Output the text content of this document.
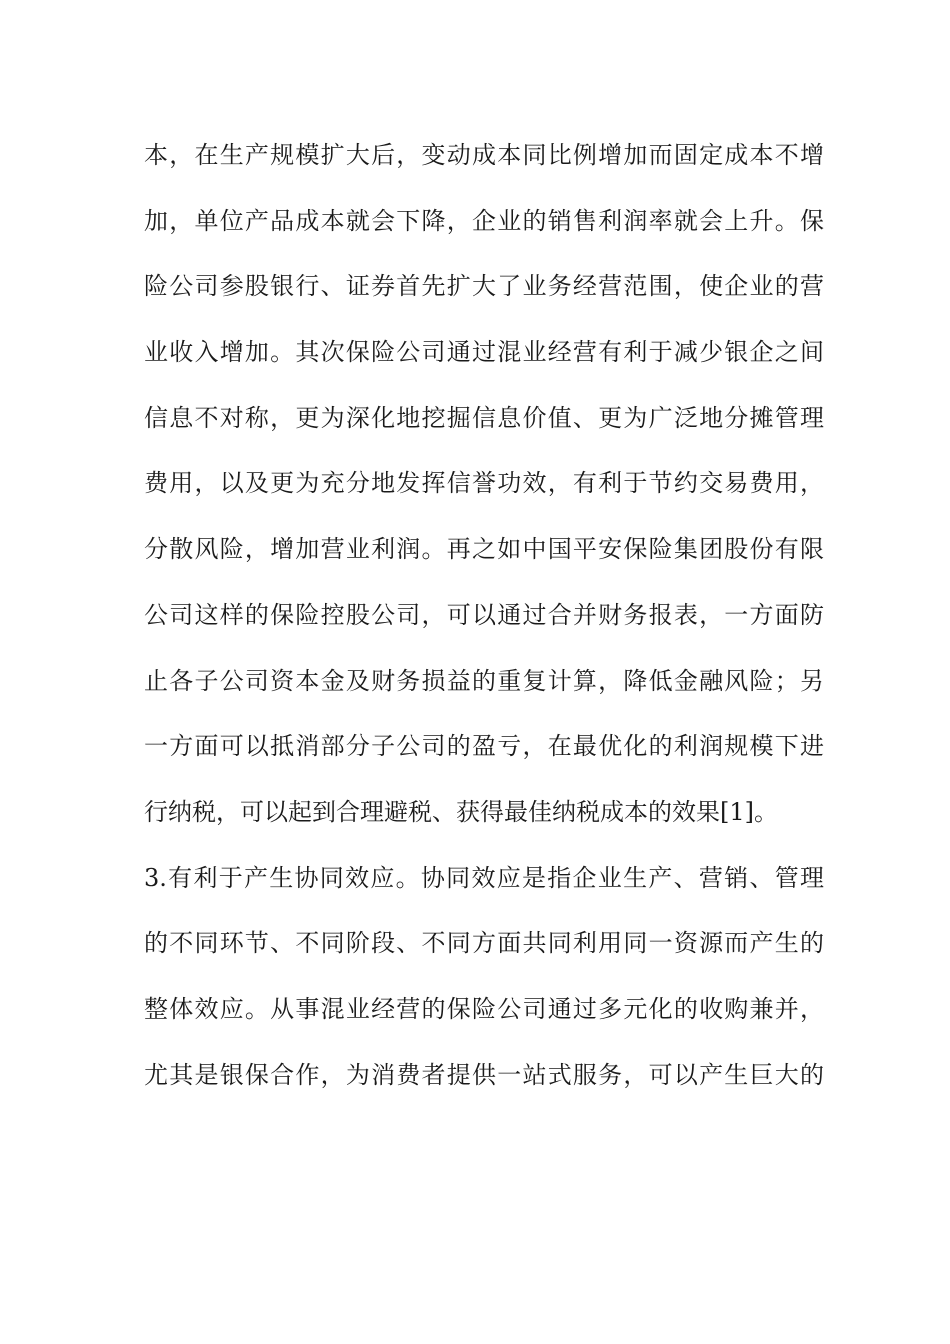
本，在生产规模扩大后，变动成本同比例增加而固定成本不增
加，单位产品成本就会下降，企业的销售利润率就会上升。保
险公司参股银行、证券首先扩大了业务经营范围，使企业的营
业收入增加。其次保险公司通过混业经营有利于减少银企之间
信息不对称，更为深化地挖掘信息价值、更为广泛地分摊管理
费用，以及更为充分地发挥信誉功效，有利于节约交易费用，
分散风险，增加营业利润。再之如中国平安保险集团股份有限
公司这样的保险控股公司，可以通过合并财务报表，一方面防
止各子公司资本金及财务损益的重复计算，降低金融风险；另
一方面可以抵消部分子公司的盈亏，在最优化的利润规模下进
行纳税，可以起到合理避税、获得最佳纳税成本的效果[1]。
3.有利于产生协同效应。协同效应是指企业生产、营销、管理
的不同环节、不同阶段、不同方面共同利用同一资源而产生的
整体效应。从事混业经营的保险公司通过多元化的收购兼并，
尤其是银保合作，为消费者提供一站式服务，可以产生巨大的
